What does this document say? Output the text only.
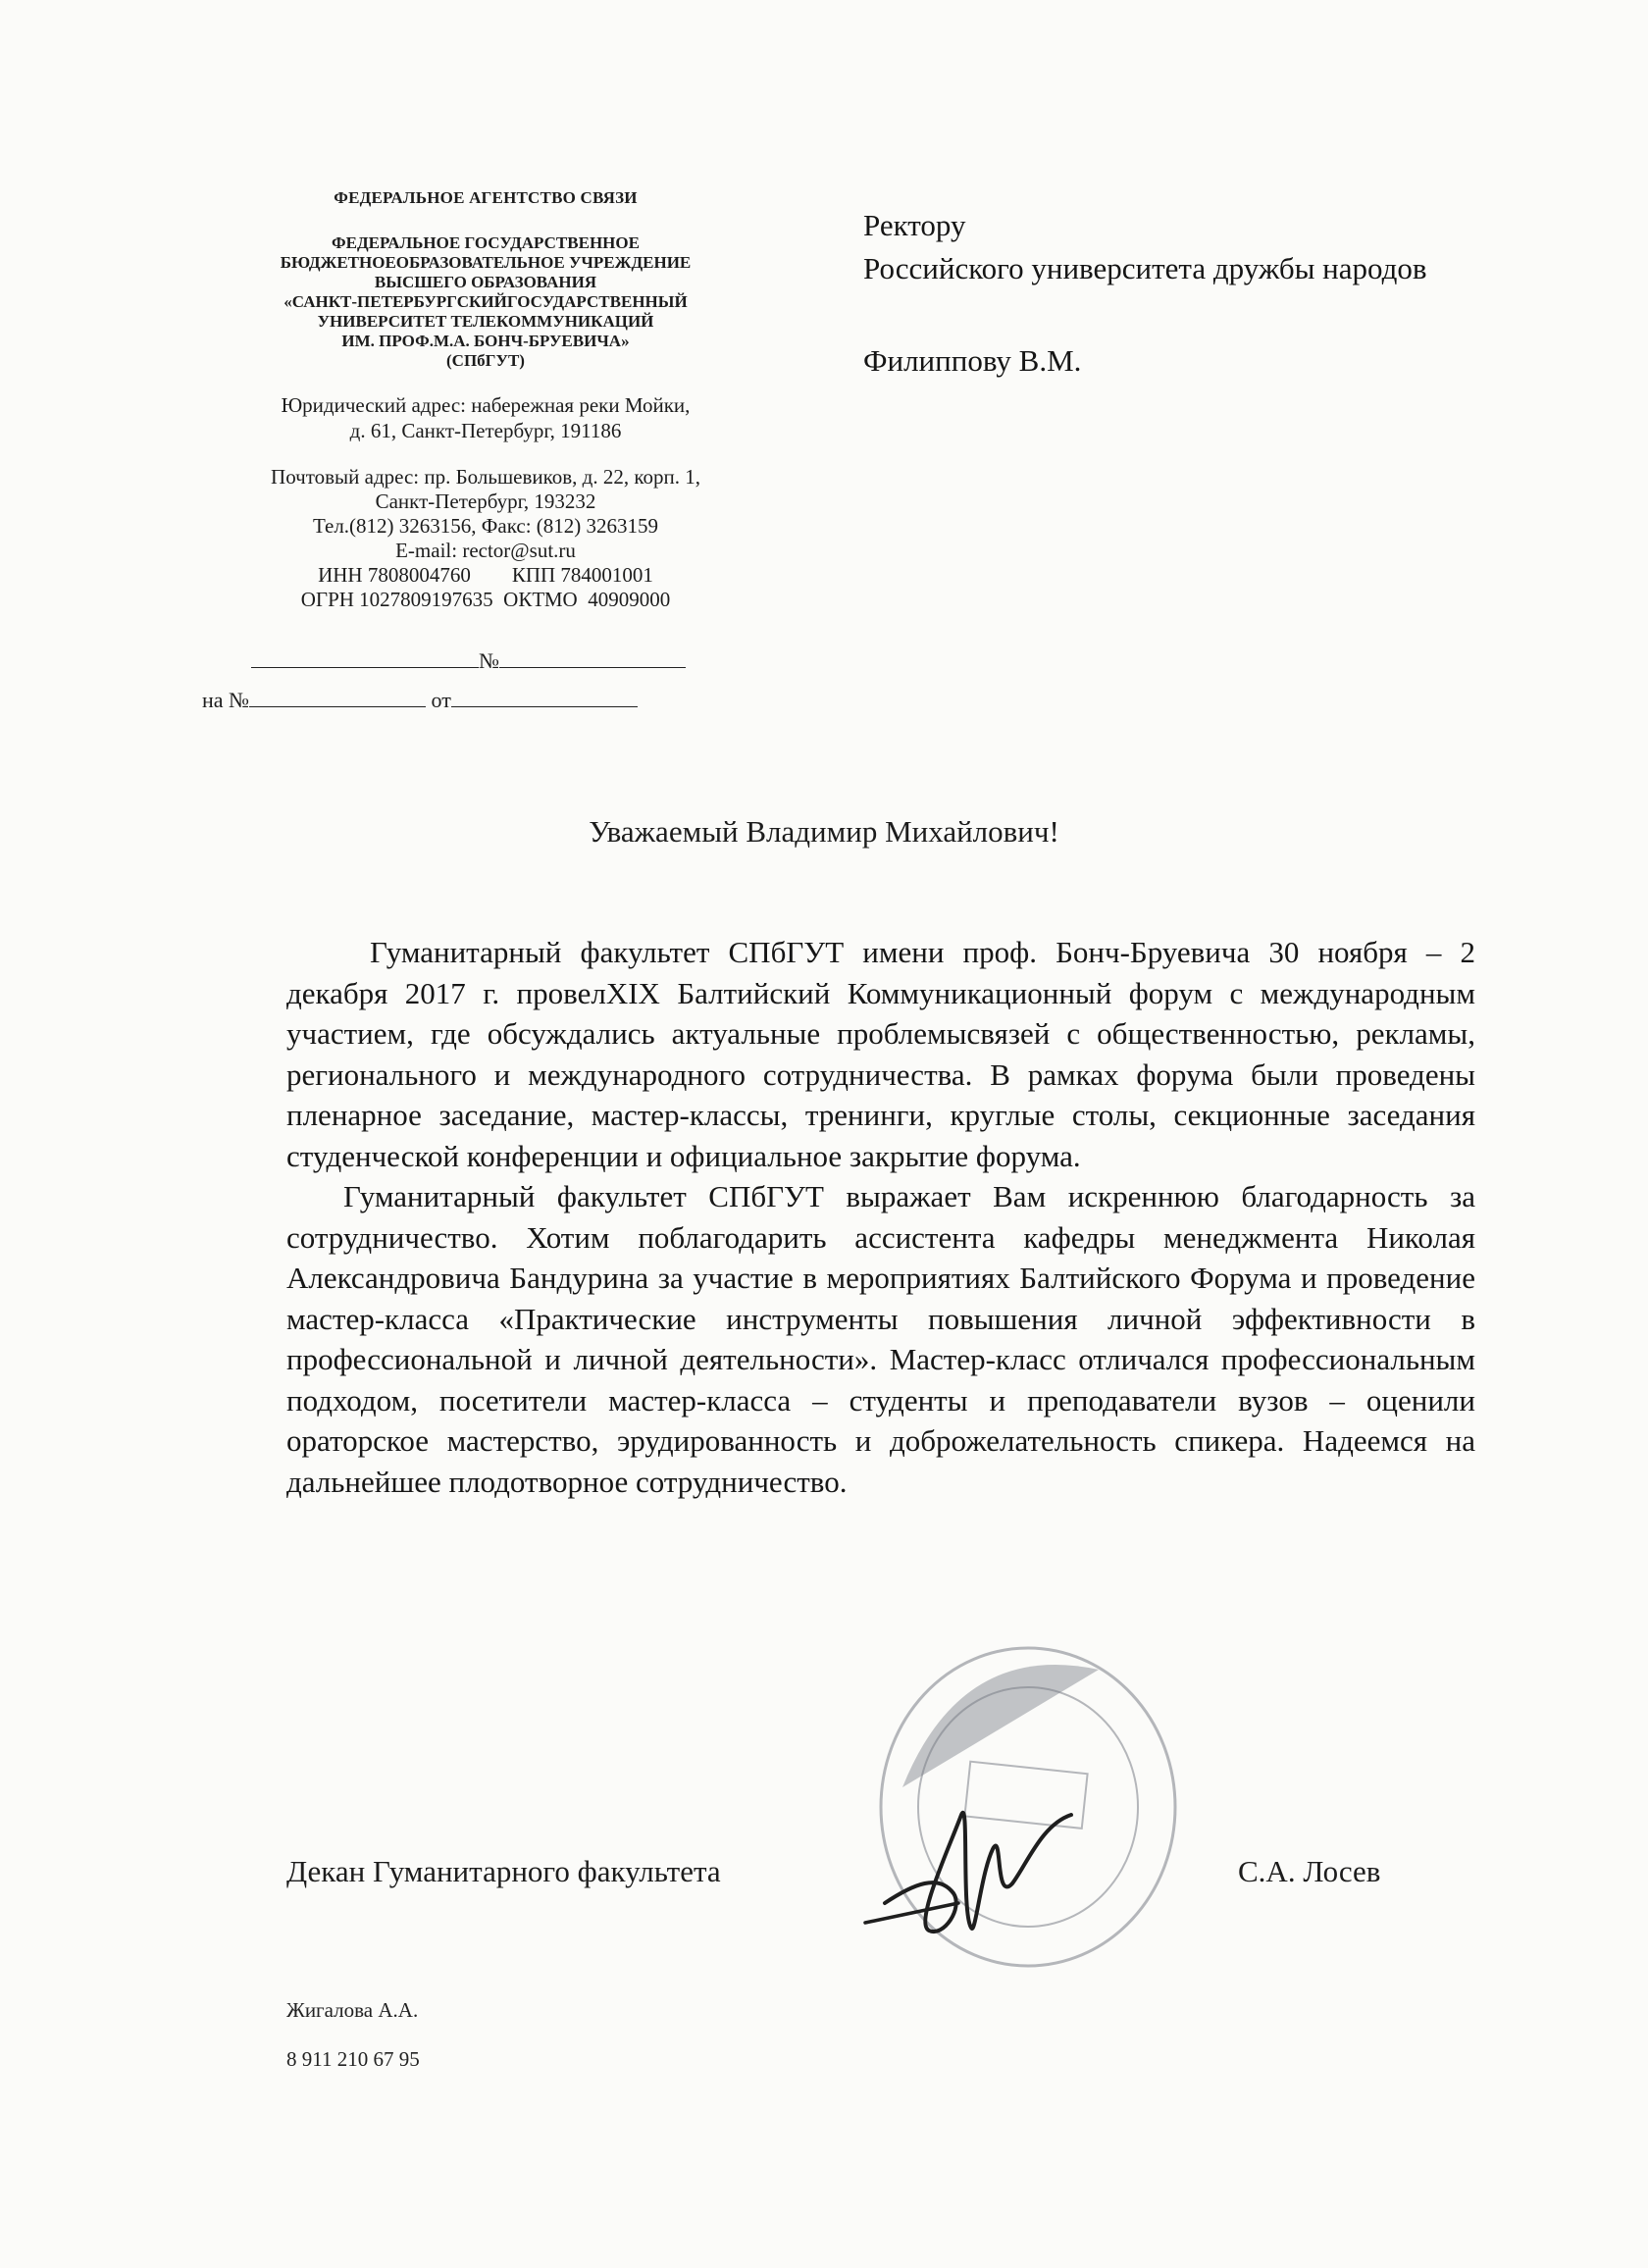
ФЕДЕРАЛЬНОЕ АГЕНТСТВО СВЯЗИ
ФЕДЕРАЛЬНОЕ ГОСУДАРСТВЕННОЕ
БЮДЖЕТНОЕОБРАЗОВАТЕЛЬНОЕ УЧРЕЖДЕНИЕ
ВЫСШЕГО ОБРАЗОВАНИЯ
«САНКТ-ПЕТЕРБУРГСКИЙГОСУДАРСТВЕННЫЙ
УНИВЕРСИТЕТ ТЕЛЕКОММУНИКАЦИЙ
ИМ. ПРОФ.М.А. БОНЧ-БРУЕВИЧА»
(СПбГУТ)
Юридический адрес: набережная реки Мойки,
д. 61, Санкт-Петербург, 191186
Почтовый адрес: пр. Большевиков, д. 22, корп. 1,
Санкт-Петербург, 193232
Тел.(812) 3263156, Факс: (812) 3263159
E-mail: rector@sut.ru
ИНН 7808004760 КПП 784001001
ОГРН 1027809197635  ОКТМО  40909000
№
на №	от
Ректору
Российского университета дружбы народов
Филиппову В.М.
Уважаемый Владимир Михайлович!

Гуманитарный факультет СПбГУТ имени проф. Бонч-Бруевича 30 ноября – 2 декабря 2017 г. провелXIX Балтийский Коммуникационный форум с международным участием, где обсуждались актуальные проблемысвязей с общественностью, рекламы, регионального и международного сотрудничества. В рамках форума были проведены пленарное заседание, мастер-классы, тренинги, круглые столы, секционные заседания студенческой конференции и официальное закрытие форума.

Гуманитарный факультет СПбГУТ выражает Вам искреннюю благодарность за сотрудничество. Хотим поблагодарить ассистента кафедры менеджмента Николая Александровича Бандурина за участие в мероприятиях Балтийского Форума и проведение мастер-класса «Практические инструменты повышения личной эффективности в профессиональной и личной деятельности». Мастер-класс отличался профессиональным подходом, посетители мастер-класса – студенты и преподаватели вузов – оценили ораторское мастерство, эрудированность и доброжелательность спикера. Надеемся на дальнейшее плодотворное сотрудничество.

Декан Гуманитарного факультета	С.А. Лосев
Жигалова А.А.
8 911 210 67 95
